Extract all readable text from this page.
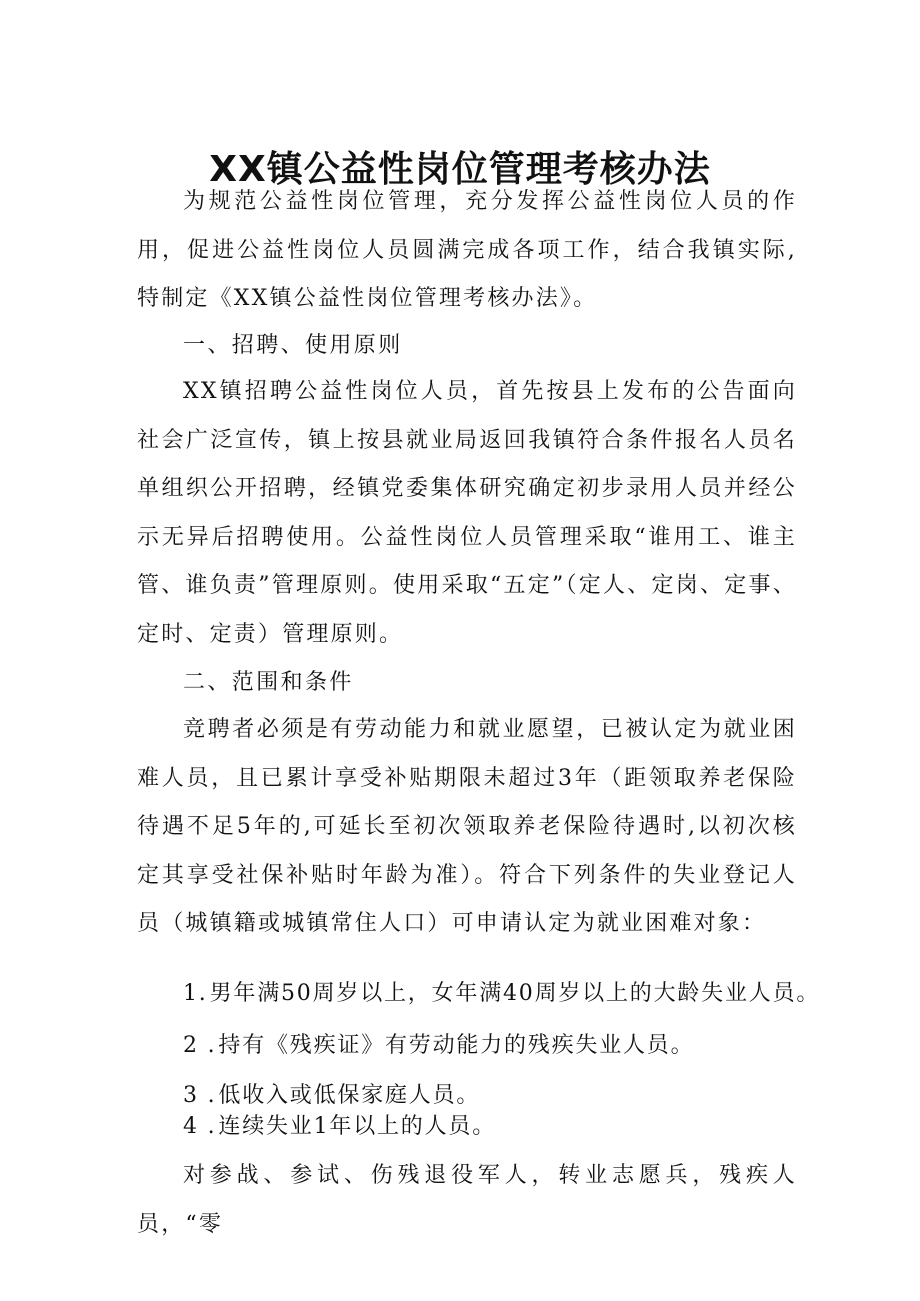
XX镇公益性岗位管理考核办法

为规范公益性岗位管理，充分发挥公益性岗位人员的作用，促进公益性岗位人员圆满完成各项工作，结合我镇实际,特制定《XX镇公益性岗位管理考核办法》。

一、招聘、使用原则

XX镇招聘公益性岗位人员，首先按县上发布的公告面向社会广泛宣传，镇上按县就业局返回我镇符合条件报名人员名单组织公开招聘，经镇党委集体研究确定初步录用人员并经公示无异后招聘使用。公益性岗位人员管理采取“谁用工、谁主管、谁负责”管理原则。使用采取“五定”（定人、定岗、定事、定时、定责）管理原则。

二、范围和条件

竞聘者必须是有劳动能力和就业愿望，已被认定为就业困难人员，且已累计享受补贴期限未超过3年（距领取养老保险待遇不足5年的,可延长至初次领取养老保险待遇时,以初次核定其享受社保补贴时年龄为准）。符合下列条件的失业登记人员（城镇籍或城镇常住人口）可申请认定为就业困难对象：

1.男年满50周岁以上，女年满40周岁以上的大龄失业人员。

2 .持有《残疾证》有劳动能力的残疾失业人员。

3 .低收入或低保家庭人员。

4 .连续失业1年以上的人员。

对参战、参试、伤残退役军人，转业志愿兵，残疾人员，“零
